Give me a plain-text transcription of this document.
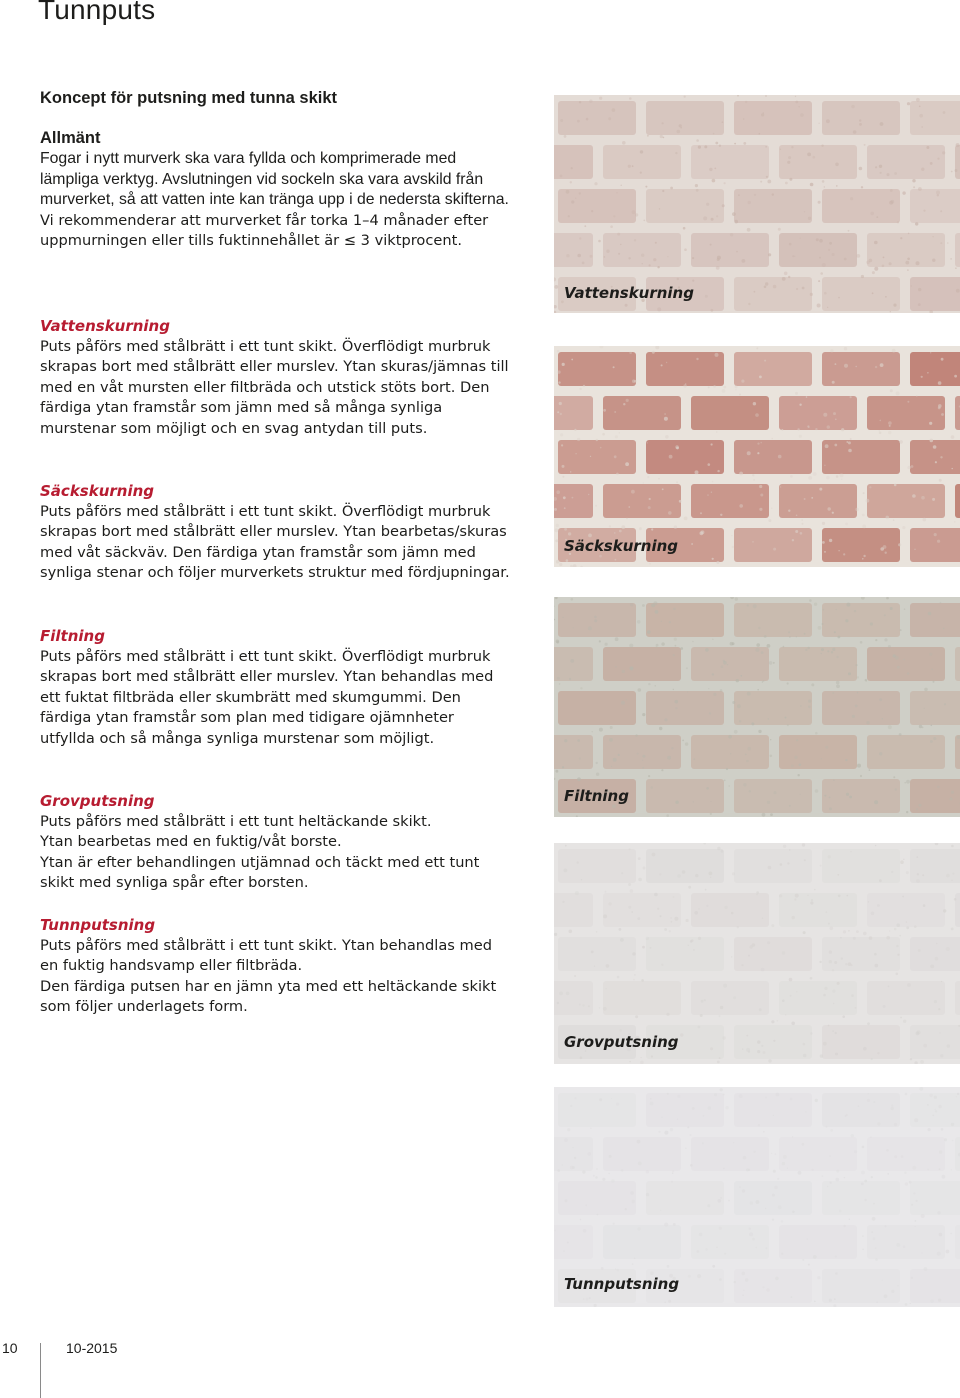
Tunnputs
Koncept för putsning med tunna skikt

Allmänt

Fogar i nytt murverk ska vara fyllda och komprimerade med lämpliga verktyg. Avslutningen vid sockeln ska vara avskild från murverket, så att vatten inte kan tränga upp i de nedersta skifterna.

Vi rekommenderar att murverket får torka 1–4 månader efter uppmurningen eller tills fuktinnehållet är ≤ 3 viktprocent.

Vattenskurning

Puts påförs med stålbrätt i ett tunt skikt. Överflödigt murbruk skrapas bort med stålbrätt eller murslev. Ytan skuras/jämnas till med en våt mursten eller filtbräda och utstick stöts bort. Den färdiga ytan framstår som jämn med så många synliga murstenar som möjligt och en svag antydan till puts.

Säckskurning

Puts påförs med stålbrätt i ett tunt skikt. Överflödigt murbruk skrapas bort med stålbrätt eller murslev. Ytan bearbetas/skuras med våt säckväv. Den färdiga ytan framstår som jämn med synliga stenar och följer murverkets struktur med fördjupningar.

Filtning

Puts påförs med stålbrätt i ett tunt skikt. Överflödigt murbruk skrapas bort med stålbrätt eller murslev. Ytan behandlas med ett fuktat filtbräda eller skumbrätt med skumgummi. Den färdiga ytan framstår som plan med tidigare ojämnheter utfyllda och så många synliga murstenar som möjligt.

Grovputsning

Puts påförs med stålbrätt i ett tunt heltäckande skikt.

Ytan bearbetas med en fuktig/våt borste.

Ytan är efter behandlingen utjämnad och täckt med ett tunt skikt med synliga spår efter borsten.

Tunnputsning

Puts påförs med stålbrätt i ett tunt skikt. Ytan behandlas med en fuktig handsvamp eller filtbräda.

Den färdiga putsen har en jämn yta med ett heltäckande skikt som följer underlagets form.

Vattenskurning
Säckskurning
Filtning
Grovputsning
Tunnputsning
10	10-2015
